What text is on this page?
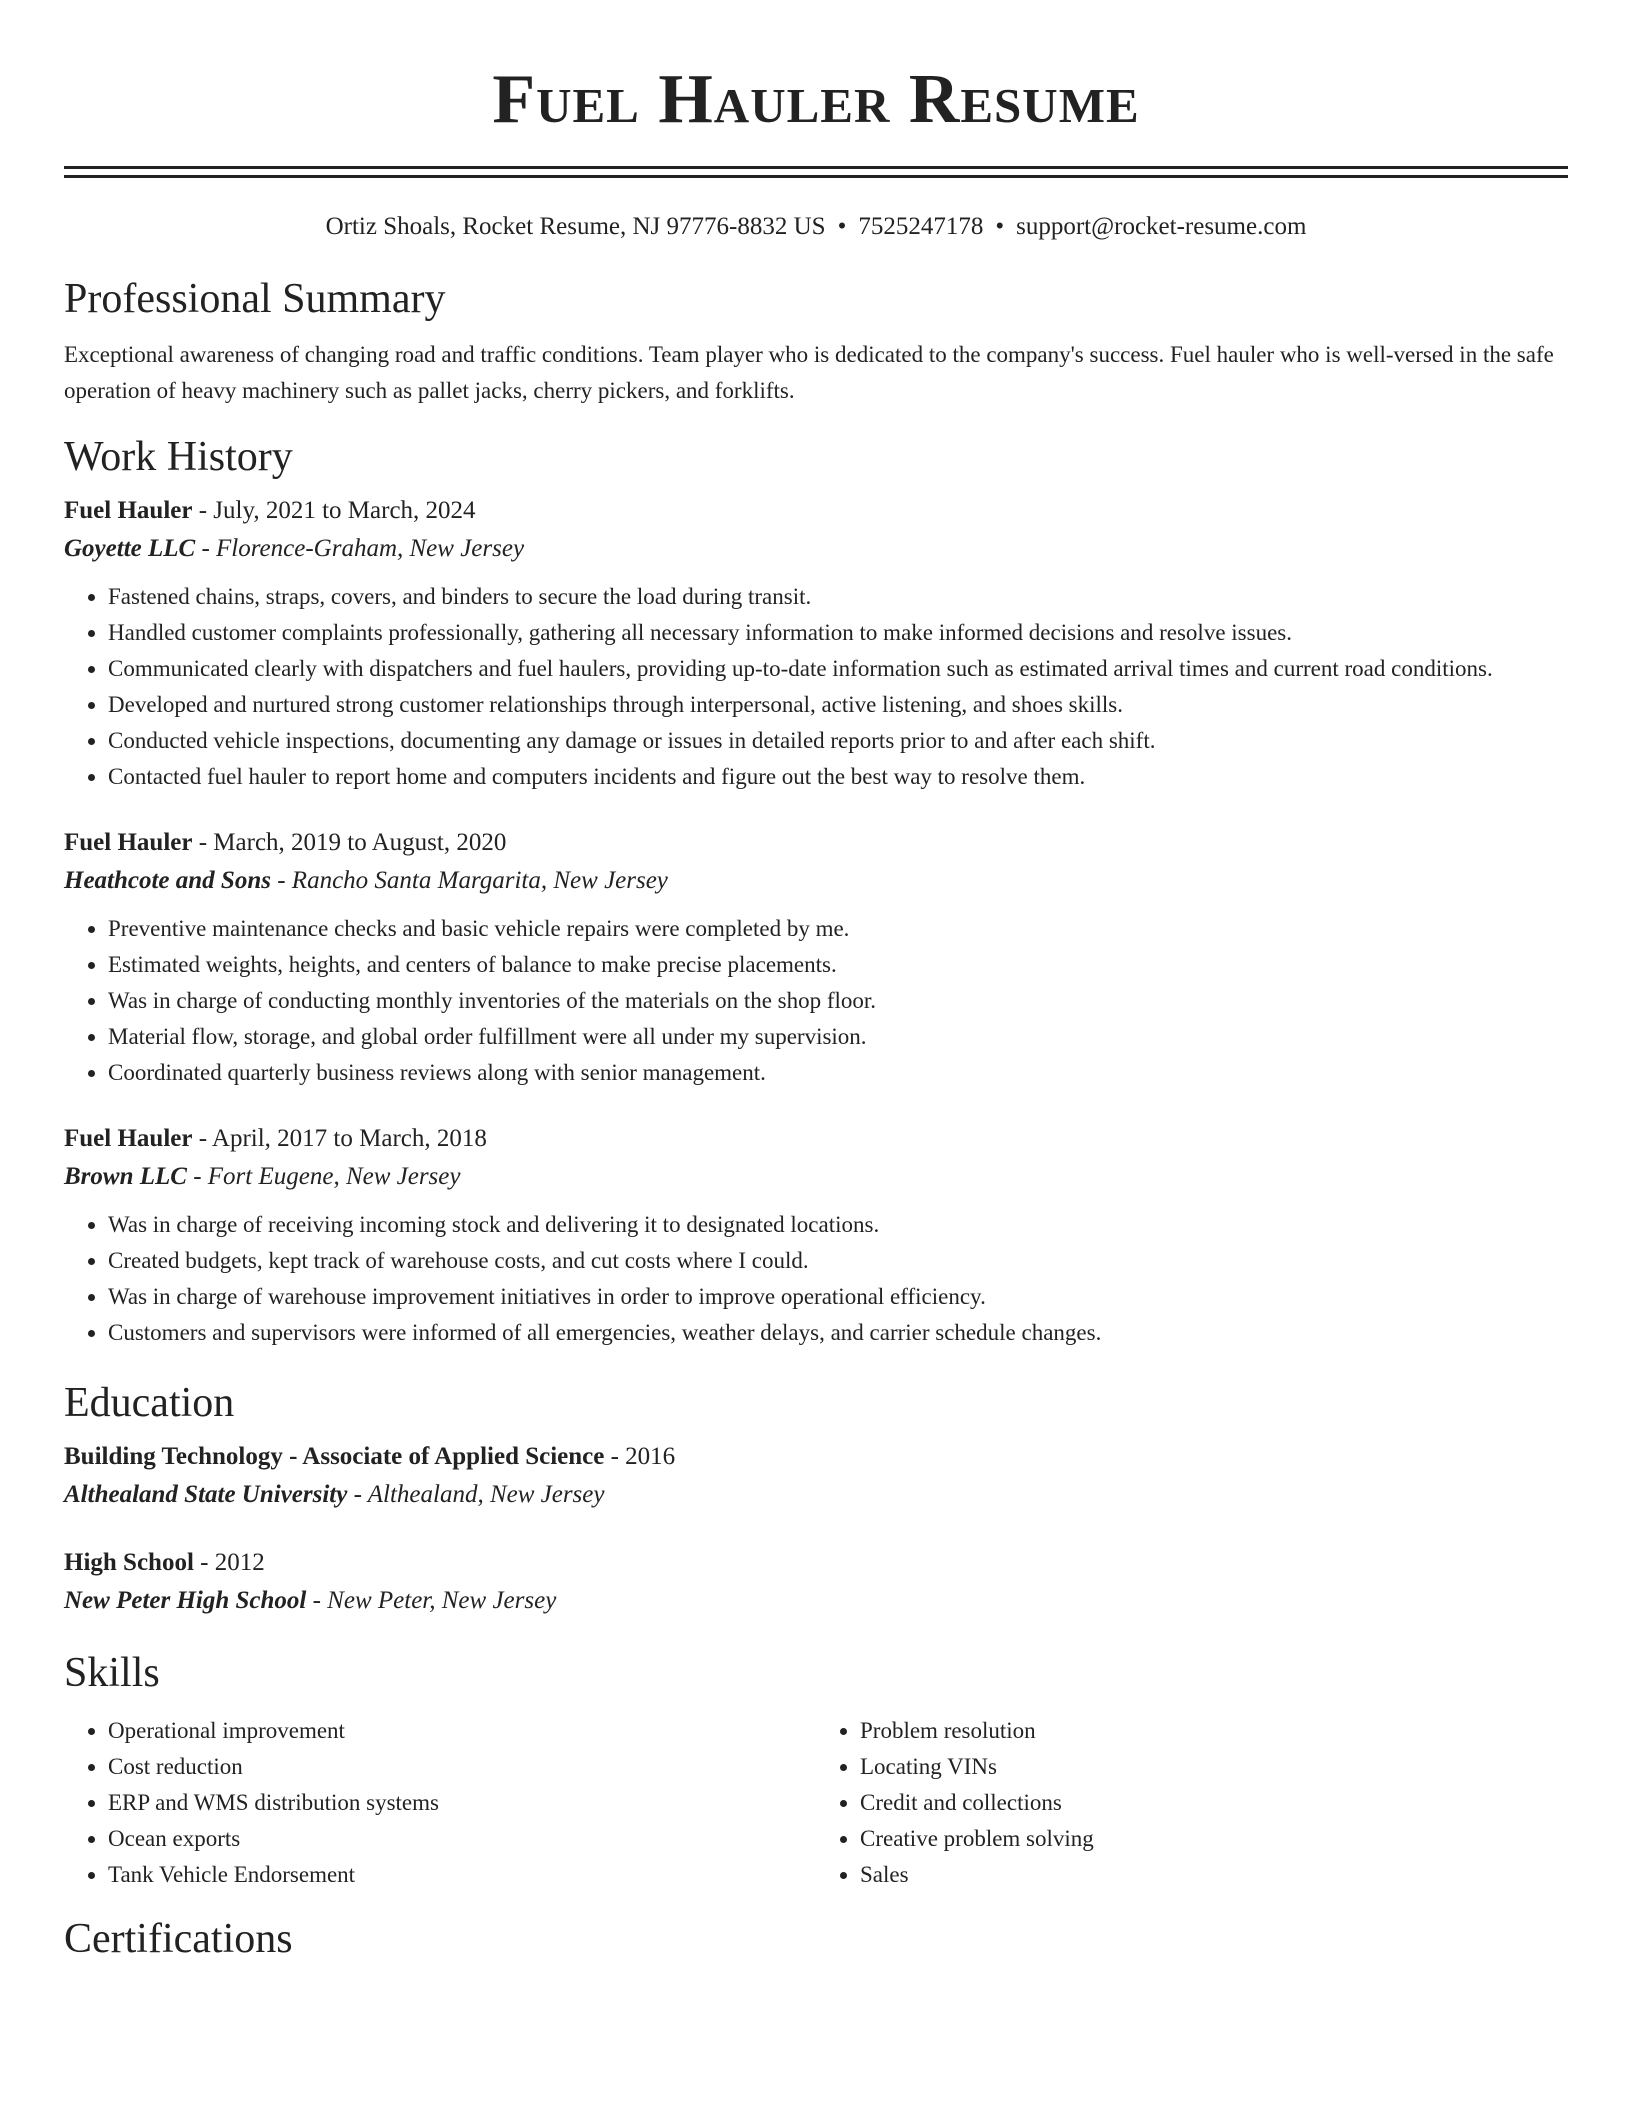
Fuel Hauler Resume
Ortiz Shoals, Rocket Resume, NJ 97776-8832 US • 7525247178 • support@rocket-resume.com
Professional Summary

Exceptional awareness of changing road and traffic conditions. Team player who is dedicated to the company's success. Fuel hauler who is well-versed in the safe operation of heavy machinery such as pallet jacks, cherry pickers, and forklifts.

Work History

Fuel Hauler - July, 2021 to March, 2024

Goyette LLC - Florence-Graham, New Jersey

• Fastened chains, straps, covers, and binders to secure the load during transit.
• Handled customer complaints professionally, gathering all necessary information to make informed decisions and resolve issues.
• Communicated clearly with dispatchers and fuel haulers, providing up-to-date information such as estimated arrival times and current road conditions.
• Developed and nurtured strong customer relationships through interpersonal, active listening, and shoes skills.
• Conducted vehicle inspections, documenting any damage or issues in detailed reports prior to and after each shift.
• Contacted fuel hauler to report home and computers incidents and figure out the best way to resolve them.

Fuel Hauler - March, 2019 to August, 2020

Heathcote and Sons - Rancho Santa Margarita, New Jersey

• Preventive maintenance checks and basic vehicle repairs were completed by me.
• Estimated weights, heights, and centers of balance to make precise placements.
• Was in charge of conducting monthly inventories of the materials on the shop floor.
• Material flow, storage, and global order fulfillment were all under my supervision.
• Coordinated quarterly business reviews along with senior management.

Fuel Hauler - April, 2017 to March, 2018

Brown LLC - Fort Eugene, New Jersey

• Was in charge of receiving incoming stock and delivering it to designated locations.
• Created budgets, kept track of warehouse costs, and cut costs where I could.
• Was in charge of warehouse improvement initiatives in order to improve operational efficiency.
• Customers and supervisors were informed of all emergencies, weather delays, and carrier schedule changes.
Education

Building Technology - Associate of Applied Science - 2016

Althealand State University - Althealand, New Jersey

High School - 2012

New Peter High School - New Peter, New Jersey

Skills
• Operational improvement
• Cost reduction
• ERP and WMS distribution systems
• Ocean exports
• Tank Vehicle Endorsement
• Problem resolution
• Locating VINs
• Credit and collections
• Creative problem solving
• Sales
Certifications
